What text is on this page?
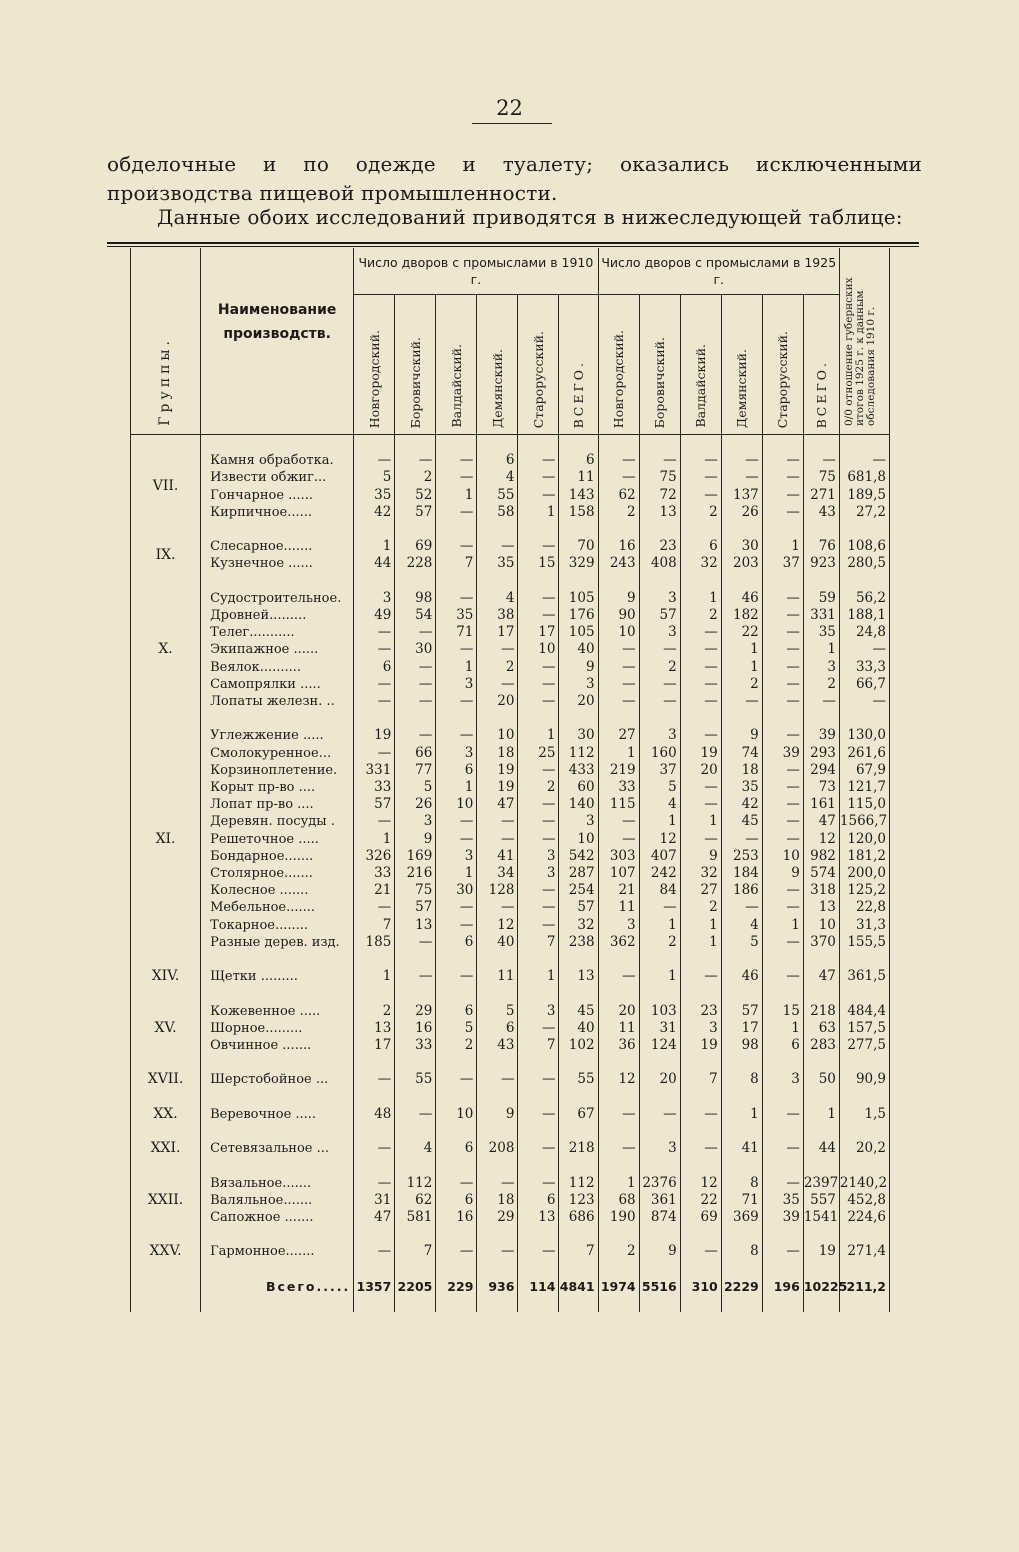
22
обделочные и по одежде и туалету; оказались исключенными производства пищевой промышленности.
Данные обоих исследований приводятся в нижеследующей таблице:
Группы.	Наименование производств.	Число дворов с промыслами в 1910 г.						Число дворов с промыслами в 1925 г.						0/0 отношение губернских итогов 1925 г. к данным обследования 1910 г.

		Новгородский.	Боровичский.	Валдайский.	Демянский.	Старорусский.	ВСЕГО.	Новгородский.	Боровичский.	Валдайский.	Демянский.	Старорусский.	ВСЕГО.	

VII.	Камня обработка.	—	—	—	6	—	6	—	—	—	—	—	—	—
	Извести обжиг...	5	2	—	4	—	11	—	75	—	—	—	75	681,8
	Гончарное ......	35	52	1	55	—	143	62	72	—	137	—	271	189,5
	Кирпичное......	42	57	—	58	1	158	2	13	2	26	—	43	27,2

IX.	Слесарное.......	1	69	—	—	—	70	16	23	6	30	1	76	108,6
	Кузнечное ......	44	228	7	35	15	329	243	408	32	203	37	923	280,5

X.	Судостроительное.	3	98	—	4	—	105	9	3	1	46	—	59	56,2
	Дровней.........	49	54	35	38	—	176	90	57	2	182	—	331	188,1
	Телег...........	—	—	71	17	17	105	10	3	—	22	—	35	24,8
	Экипажное ......	—	30	—	—	10	40	—	—	—	1	—	1	—
	Веялок..........	6	—	1	2	—	9	—	2	—	1	—	3	33,3
	Самопрялки .....	—	—	3	—	—	3	—	—	—	2	—	2	66,7
	Лопаты железн. ..	—	—	—	20	—	20	—	—	—	—	—	—	—

XI.	Углежжение .....	19	—	—	10	1	30	27	3	—	9	—	39	130,0
	Смолокуренное...	—	66	3	18	25	112	1	160	19	74	39	293	261,6
	Корзиноплетение.	331	77	6	19	—	433	219	37	20	18	—	294	67,9
	Корыт пр-во ....	33	5	1	19	2	60	33	5	—	35	—	73	121,7
	Лопат пр-во ....	57	26	10	47	—	140	115	4	—	42	—	161	115,0
	Деревян. посуды .	—	3	—	—	—	3	—	1	1	45	—	47	1566,7
	Решеточное .....	1	9	—	—	—	10	—	12	—	—	—	12	120,0
	Бондарное.......	326	169	3	41	3	542	303	407	9	253	10	982	181,2
	Столярное.......	33	216	1	34	3	287	107	242	32	184	9	574	200,0
	Колесное .......	21	75	30	128	—	254	21	84	27	186	—	318	125,2
	Мебельное.......	—	57	—	—	—	57	11	—	2	—	—	13	22,8
	Токарное........	7	13	—	12	—	32	3	1	1	4	1	10	31,3
	Разные дерев. изд.	185	—	6	40	7	238	362	2	1	5	—	370	155,5

XIV.	Щетки .........	1	—	—	11	1	13	—	1	—	46	—	47	361,5

XV.	Кожевенное .....	2	29	6	5	3	45	20	103	23	57	15	218	484,4
	Шорное.........	13	16	5	6	—	40	11	31	3	17	1	63	157,5
	Овчинное .......	17	33	2	43	7	102	36	124	19	98	6	283	277,5

XVII.	Шерстобойное ...	—	55	—	—	—	55	12	20	7	8	3	50	90,9

XX.	Веревочное .....	48	—	10	9	—	67	—	—	—	1	—	1	1,5

XXI.	Сетевязальное ...	—	4	6	208	—	218	—	3	—	41	—	44	20,2

XXII.	Вязальное.......	—	112	—	—	—	112	1	2376	12	8	—	2397	2140,2
	Валяльное.......	31	62	6	18	6	123	68	361	22	71	35	557	452,8
	Сапожное .......	47	581	16	29	13	686	190	874	69	369	39	1541	224,6

XXV.	Гармонное.......	—	7	—	—	—	7	2	9	—	8	—	19	271,4

	Всего.....	1357	2205	229	936	114	4841	1974	5516	310	2229	196	10225	211,2
